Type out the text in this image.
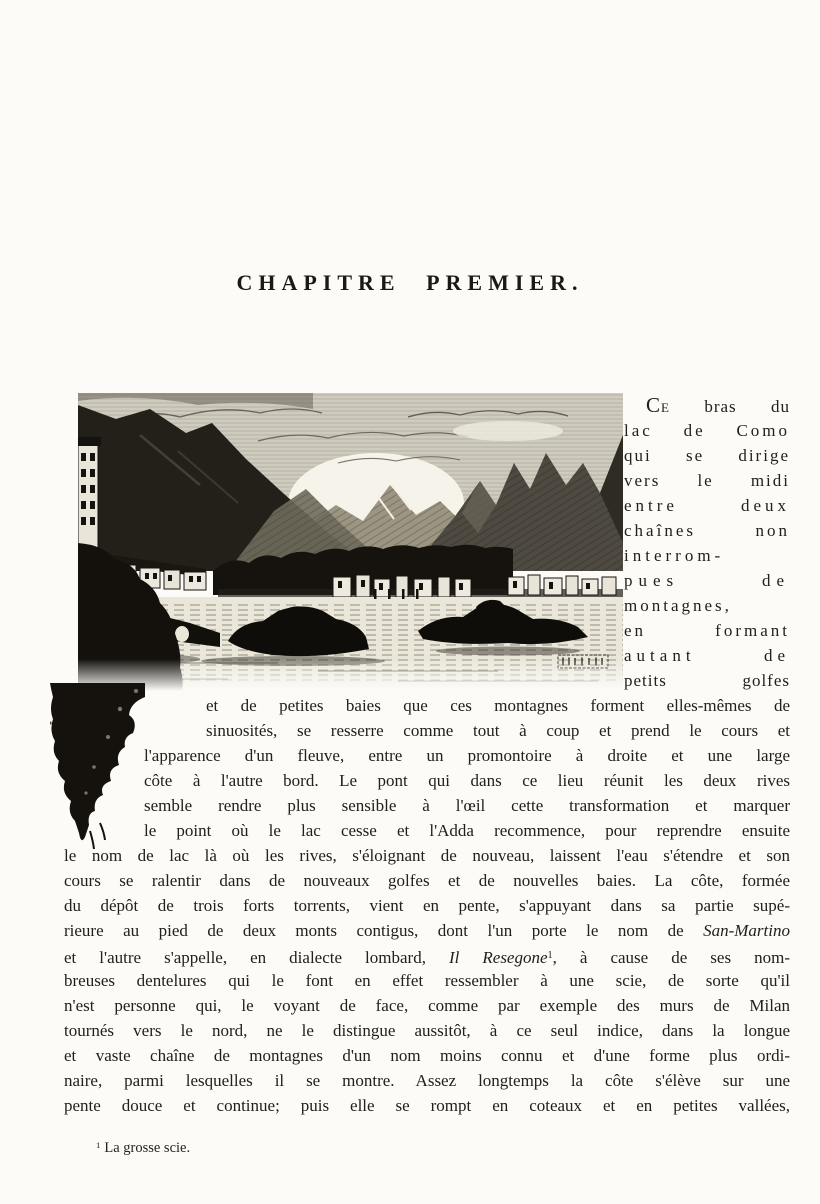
CHAPITRE PREMIER.
CE bras du
lac de Como
qui se dirige
vers le midi
entre deux
chaînes non
interrom-
pues de
montagnes,
en formant
autant de
petits golfes
et de petites baies que ces montagnes forment elles-mêmes de
sinuosités, se resserre comme tout à coup et prend le cours et
l'apparence d'un fleuve, entre un promontoire à droite et une large
côte à l'autre bord. Le pont qui dans ce lieu réunit les deux rives
semble rendre plus sensible à l'œil cette transformation et marquer
le point où le lac cesse et l'Adda recommence, pour reprendre ensuite
le nom de lac là où les rives, s'éloignant de nouveau, laissent l'eau s'étendre et son
cours se ralentir dans de nouveaux golfes et de nouvelles baies. La côte, formée
du dépôt de trois forts torrents, vient en pente, s'appuyant dans sa partie supé-
rieure au pied de deux monts contigus, dont l'un porte le nom de San-Martino
et l'autre s'appelle, en dialecte lombard, Il Resegone$^1$, à cause de ses nom-
breuses dentelures qui le font en effet ressembler à une scie, de sorte qu'il
n'est personne qui, le voyant de face, comme par exemple des murs de Milan
tournés vers le nord, ne le distingue aussitôt, à ce seul indice, dans la longue
et vaste chaîne de montagnes d'un nom moins connu et d'une forme plus ordi-
naire, parmi lesquelles il se montre. Assez longtemps la côte s'élève sur une
pente douce et continue; puis elle se rompt en coteaux et en petites vallées,
$^1$ La grosse scie.
